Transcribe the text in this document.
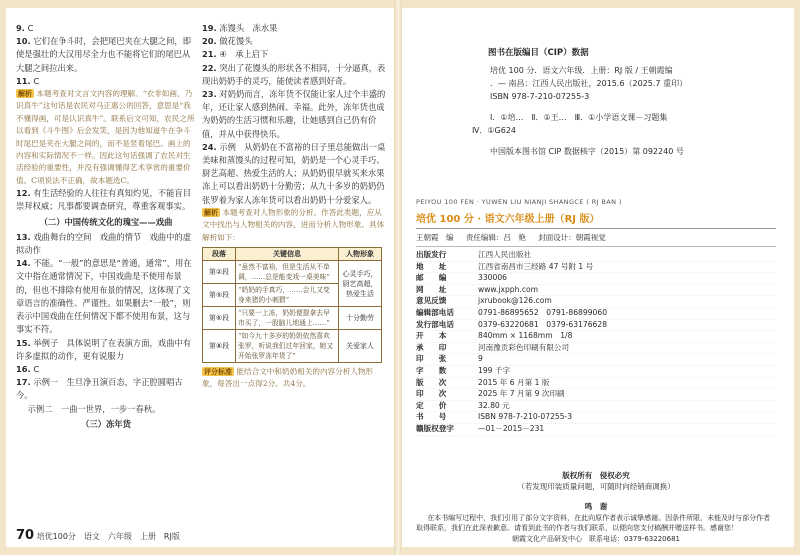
9. C

10. 它们在争斗时，会把尾巴夹在大腿之间，即使是强壮的大汉用尽全力也不能将它们的尾巴从大腿之间拉出来。

11. C

解析 本题考查对文言文内容的理解。“衣非如画，乃识真牛”这句话是农民对马正惠公的回答，意思是“我不懂得画，可是认识真牛”。联系后文可知，农民之所以看到《斗牛图》后会发笑，是因为他知道牛在争斗时尾巴是夹在大腿之间的，而不是竖着尾巴。画上的内容和实际情况不一样。因此这句话强调了农民对生活经验的重要性，并没有强调懂得艺术享赏的重要价值。C项说法不正确，故本题选C。

12. 有生活经验的人往往有真知灼见，不能盲目崇拜权威；凡事都要调查研究，尊重客观事实。

（二）中国传统文化的瑰宝——戏曲

13. 戏曲舞台的空间　戏曲的情节　戏曲中的虚拟动作

14. 不能。“一般”的意思是“普通，通常”，用在文中指在通常情况下，中国戏曲是不使用布景的，但也不排除有使用布景的情况，这体现了文章语言的准确性、严谨性。如果删去“一般”，则表示中国戏曲在任何情况下都不使用布景，这与事实不符。

15. 举例子　具体说明了在表演方面，戏曲中有许多虚拟的动作，更有说服力

16. C

17. 示例一　生旦净丑演百态，字正腔圆唱古今。

示例二　一曲一世界，一步一春秋。

（三）冻年货

19. 冻馒头　冻水果

20. 做花馒头

21. ④　承上启下

22. 突出了花馒头的形状各不相同，十分逼真，表现出奶奶手的灵巧，能使读者感到好奇。

23. 对奶奶而言，冻年货不仅能让家人过个丰盛的年，还让家人感到热闹、幸福。此外，冻年货也成为奶奶的生活习惯和乐趣，让她感到自己仍有价值，并从中获得快乐。

24. 示例　从奶奶在不富裕的日子里总能做出一桌美味和蒸馒头的过程可知，奶奶是一个心灵手巧、厨艺高超、热爱生活的人；从奶奶很早就买来水果冻上可以看出奶奶十分勤劳；从九十多岁的奶奶仍张罗着为家人冻年货可以看出奶奶十分爱家人。

解析 本题考查对人物形象的分析。作答此类题，应从文中找出与人物相关的内容，进而分析人物形象。具体解析如下：

段落	关键信息	人物形象
第②段	“虽然不富裕，但是生活从不单调，……总是能变戏一桌美味”	心灵手巧，厨艺高超，热爱生活
第⑤段	“奶奶的手真巧，……会儿又变身来猪的小刺猬”	
第⑥段	“只要一上冻，奶奶便提拿去早市买了，一股脑儿地通上……”	十分勤劳
第⑧段	“如今九十多岁的奶奶依然喜欢张罗，听说我们过年回家，她又开始张罗冻年货了”	关爱家人

评分标准 能结合文中和奶奶相关的内容分析人物形象，每答出一点得2分。共4分。

70 培优100分　语文　六年级　上册　RJ版
图书在版编目（CIP）数据
培优 100 分．语文六年级．上册：RJ 版 / 王朝霞编
．— 南昌：江西人民出版社，2015.6（2025.7 重印）
ISBN 978-7-210-07255-3
Ⅰ．①培…　Ⅱ．①王…　Ⅲ．①小学语文课－习题集
Ⅳ．①G624
中国版本图书馆 CIP 数据核字（2015）第 092240 号
PEIYOU 100 FEN · YUWEN LIU NIANJI SHANGCE ( RJ BAN )
培优 100 分 · 语文六年级上册（RJ 版）
王朝霞　编 责任编辑：吕　艳 封面设计：朝霞视觉
出版发行	江西人民出版社
地　　址	江西省南昌市三经路 47 号附 1 号
邮　　编	330006
网　　址	www.jxpph.com
意见反馈	jxrubook@126.com
编辑部电话	0791-86895652　0791-86899060
发行部电话	0379-63220681　0379-63176628
开　　本	840mm × 1168mm　1/8
承　　印	河南豫贡彩色印刷有限公司
印　　张	9
字　　数	199 千字
版　　次	2015 年 6 月第 1 版
印　　次	2025 年 7 月第 9 次印刷
定　　价	32.80 元
书　　号	ISBN 978-7-210-07255-3
赣版权登字	—01－2015－231
版权所有　侵权必究
（若发现印装质量问题，可随时向经销商调换）
鸣　谢

在本书编写过程中，我们引用了部分文字资料，在此向原作者表示诚挚感谢。因条件所限，未能及时与部分作者取得联系，我们在此深表歉意。请看到此书的作者与我们联系，以便向您支付稿酬并赠送样书。感谢您！

朝霞文化产品研发中心　联系电话：0379-63220681
